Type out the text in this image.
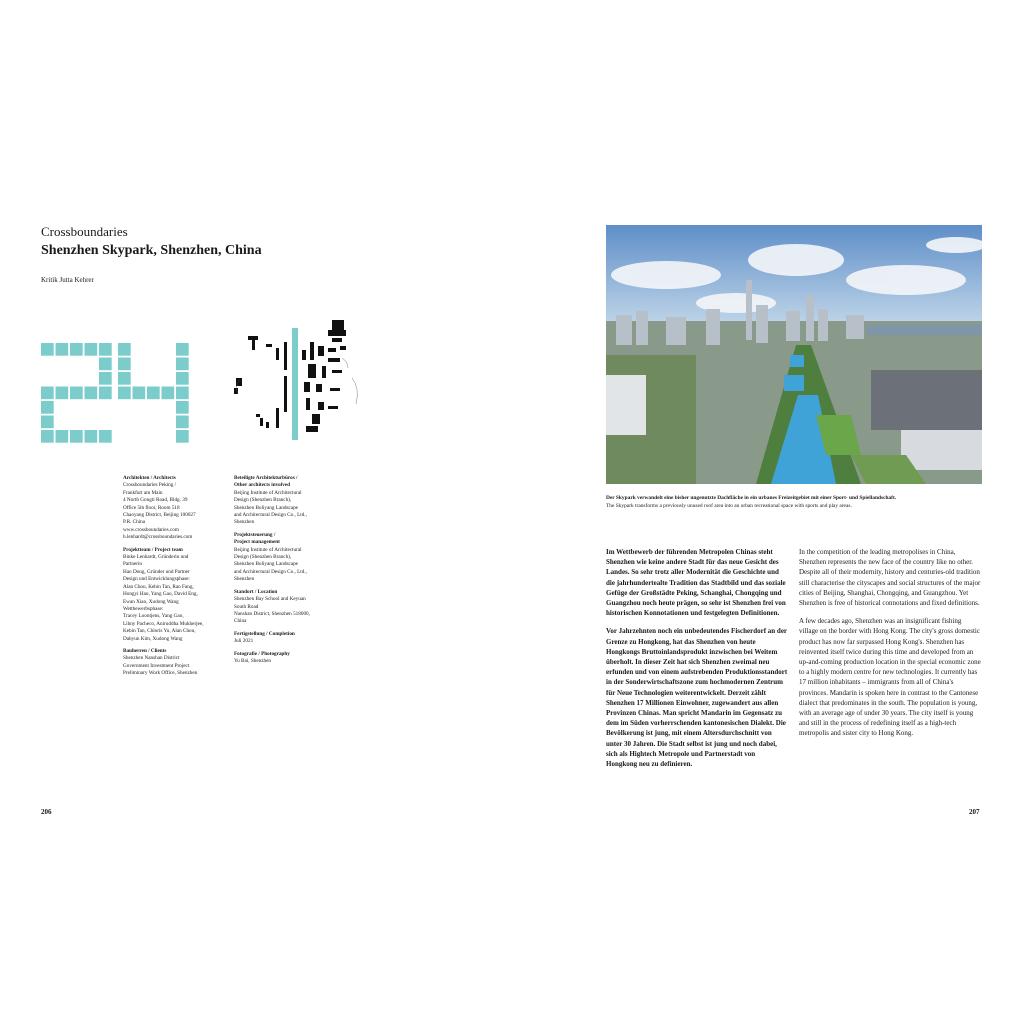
Crossboundaries
Shenzhen Skypark, Shenzhen, China
Kritik Jutta Kehrer
Architekten / Architects
Crossboundaries Peking /
Frankfurt am Main
4 North Gongti Road, Bldg. 39
Office 5th floor, Room 518
Chaoyang District, Beijing 100027
P.R. China
www.crossboundaries.com
b.lenhardt@crossboundaries.com
Projektteam / Project team
Binke Lenhardt, Gründerin und
Partnerin
Hao Dong, Gründer und Partner
Design und Entwicklungsphase:
Alan Chou, Kebin Tan, Rao Fang,
Hongyi Hao, Yang Gao, David Eng,
Ewan Xiao, Xudong Wang
Wettbewerbsphase:
Tracey Loontjens, Yang Gao,
Libny Pacheco, Aniruddha Mukherjee,
Kebin Tan, Chloris Yu, Alan Chou,
Dabyun Kim, Xudong Wang
Bauherren / Clients
Shenzhen Nanshan District
Government Investment Project
Preliminary Work Office, Shenzhen
Beteiligte Architekturbüros /
Other architects involved
Beijing Institute of Architectural
Design (Shenzhen Branch),
Shenzhen Boliyang Landscape
and Architectural Design Co., Ltd.,
Shenzhen
Projektsteuerung /
Project management
Beijing Institute of Architectural
Design (Shenzhen Branch),
Shenzhen Boliyang Landscape
and Architectural Design Co., Ltd.,
Shenzhen
Standort / Location
Shenzhen Bay School and Keyuan
South Road
Nanshan District, Shenzhen 518000,
China
Fertigstellung / Completion
Juli 2021
Fotografie / Photography
Yu Bai, Shenzhen
Der Skypark verwandelt eine bisher ungenutzte Dachfläche in ein urbanes Freizeitgebiet mit einer Sport- und Spiellandschaft.
The Skypark transforms a previously unused roof area into an urban recreational space with sports and play areas.

Im Wettbewerb der führenden Metropolen Chinas steht Shenzhen wie keine andere Stadt für das neue Gesicht des Landes. So sehr trotz aller Modernität die Geschichte und die jahrhundertealte Tradition das Stadtbild und das soziale Gefüge der Großstädte Peking, Schanghai, Chongqing und Guangzhou noch heute prägen, so sehr ist Shenzhen frei von historischen Konnotationen und festgelegten Definitionen.

Vor Jahrzehnten noch ein unbedeutendes Fischerdorf an der Grenze zu Hongkong, hat das Shenzhen von heute Hongkongs Bruttoinlandsprodukt inzwischen bei Weitem überholt. In dieser Zeit hat sich Shenzhen zweimal neu erfunden und von einem aufstrebenden Produktionsstandort in der Sonderwirtschaftszone zum hochmodernen Zentrum für Neue Technologien weiterentwickelt. Derzeit zählt Shenzhen 17 Millionen Einwohner, zugewandert aus allen Provinzen Chinas. Man spricht Mandarin im Gegensatz zu dem im Süden vorherrschenden kantonesischen Dialekt. Die Bevölkerung ist jung, mit einem Altersdurchschnitt von unter 30 Jahren. Die Stadt selbst ist jung und noch dabei, sich als Hightech Metropole und Partnerstadt von Hongkong neu zu definieren.

In the competition of the leading metropolises in China, Shenzhen represents the new face of the country like no other. Despite all of their modernity, history and centuries-old tradition still characterise the cityscapes and social structures of the major cities of Beijing, Shanghai, Chongqing, and Guangzhou. Yet Shenzhen is free of historical connotations and fixed definitions.

A few decades ago, Shenzhen was an insignificant fishing village on the border with Hong Kong. The city's gross domestic product has now far surpassed Hong Kong's. Shenzhen has reinvented itself twice during this time and developed from an up-and-coming production location in the special economic zone to a highly modern centre for new technologies. It currently has 17 million inhabitants – immigrants from all of China's provinces. Mandarin is spoken here in contrast to the Cantonese dialect that predominates in the south. The population is young, with an average age of under 30 years. The city itself is young and still in the process of redefining itself as a high-tech metropolis and sister city to Hong Kong.

206	207
